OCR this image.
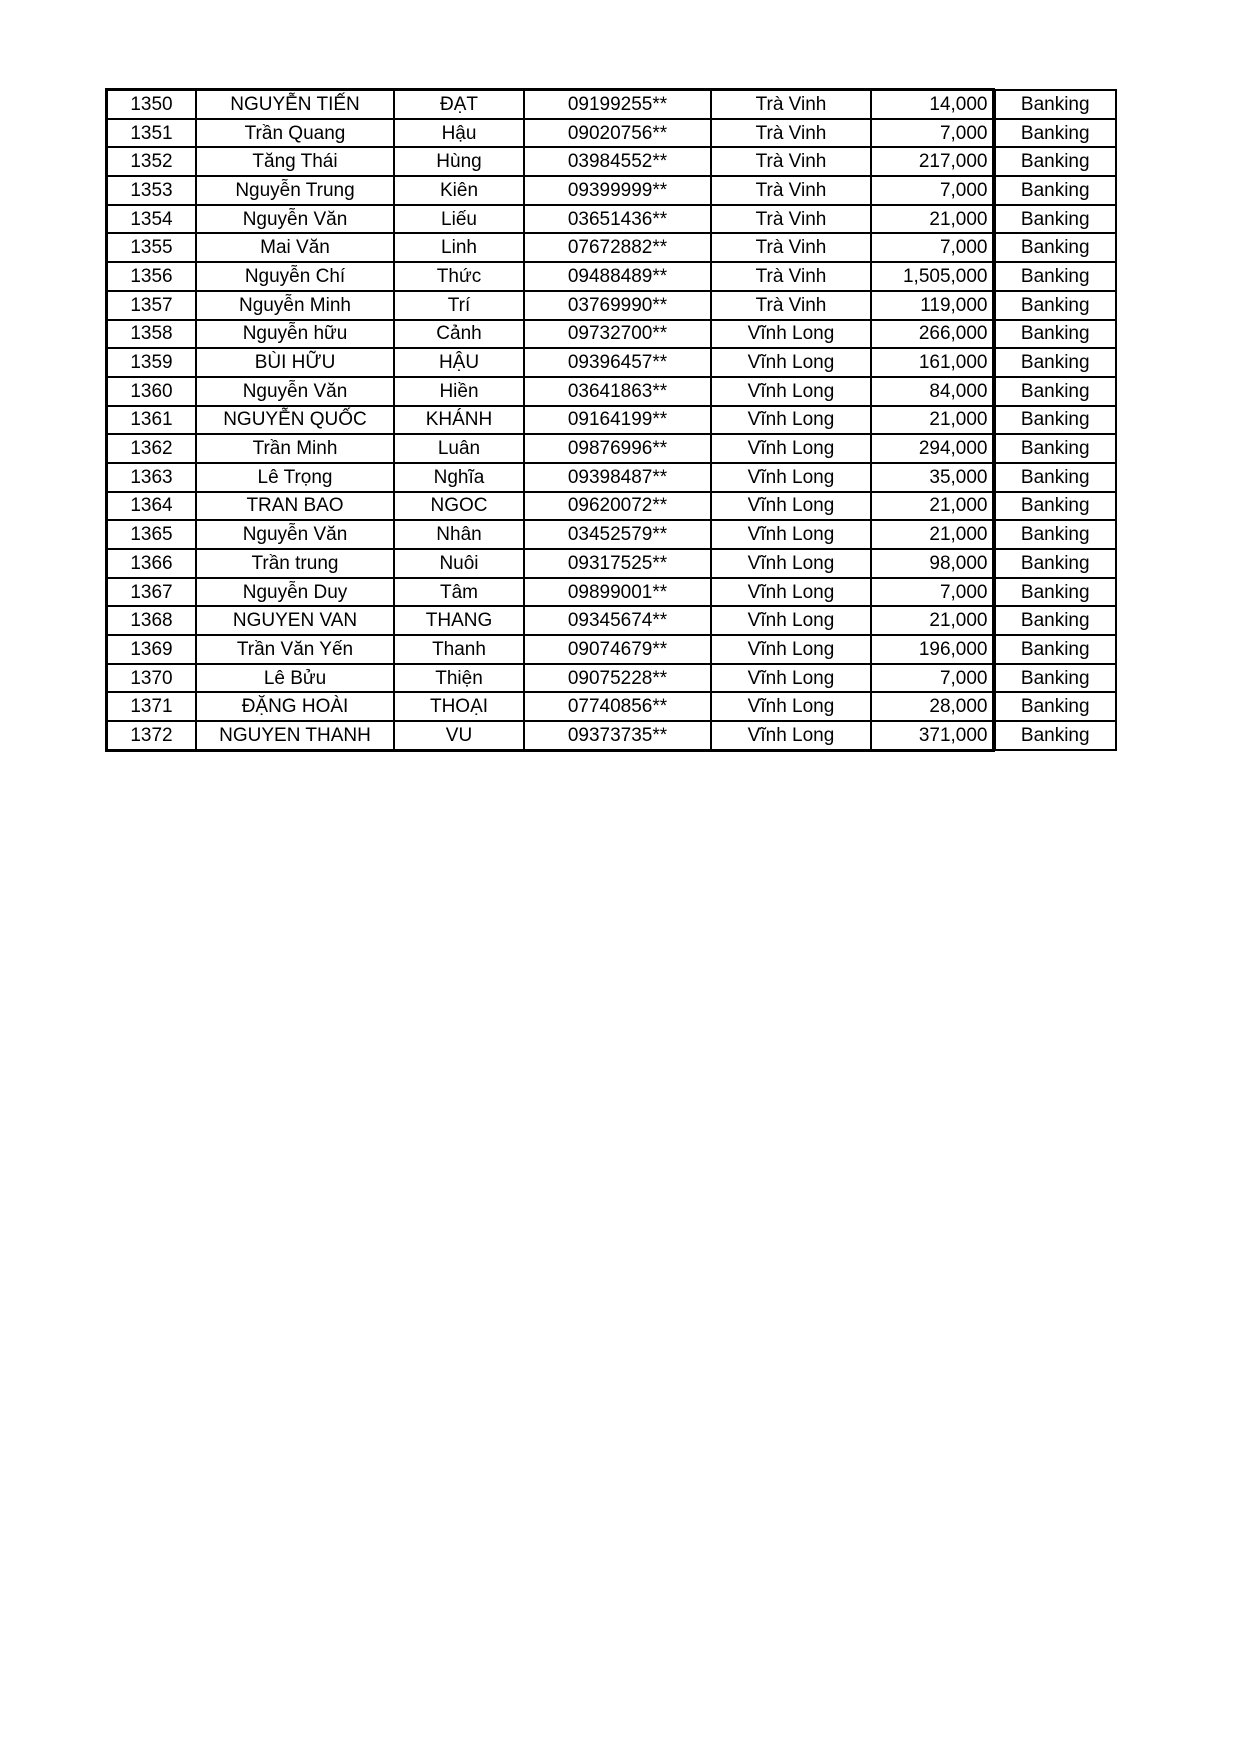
1350	NGUYỄN TIẾN	ĐẠT	09199255**	Trà Vinh	14,000	Banking
1351	Trần Quang	Hậu	09020756**	Trà Vinh	7,000	Banking
1352	Tăng Thái	Hùng	03984552**	Trà Vinh	217,000	Banking
1353	Nguyễn Trung	Kiên	09399999**	Trà Vinh	7,000	Banking
1354	Nguyễn Văn	Liếu	03651436**	Trà Vinh	21,000	Banking
1355	Mai Văn	Linh	07672882**	Trà Vinh	7,000	Banking
1356	Nguyễn Chí	Thức	09488489**	Trà Vinh	1,505,000	Banking
1357	Nguyễn Minh	Trí	03769990**	Trà Vinh	119,000	Banking
1358	Nguyễn hữu	Cảnh	09732700**	Vĩnh Long	266,000	Banking
1359	BÙI HỮU	HẬU	09396457**	Vĩnh Long	161,000	Banking
1360	Nguyễn Văn	Hiền	03641863**	Vĩnh Long	84,000	Banking
1361	NGUYỄN QUỐC	KHÁNH	09164199**	Vĩnh Long	21,000	Banking
1362	Trần Minh	Luân	09876996**	Vĩnh Long	294,000	Banking
1363	Lê Trọng	Nghĩa	09398487**	Vĩnh Long	35,000	Banking
1364	TRAN BAO	NGOC	09620072**	Vĩnh Long	21,000	Banking
1365	Nguyễn Văn	Nhân	03452579**	Vĩnh Long	21,000	Banking
1366	Trần trung	Nuôi	09317525**	Vĩnh Long	98,000	Banking
1367	Nguyễn Duy	Tâm	09899001**	Vĩnh Long	7,000	Banking
1368	NGUYEN VAN	THANG	09345674**	Vĩnh Long	21,000	Banking
1369	Trần Văn Yến	Thanh	09074679**	Vĩnh Long	196,000	Banking
1370	Lê Bửu	Thiện	09075228**	Vĩnh Long	7,000	Banking
1371	ĐẶNG HOÀI	THOẠI	07740856**	Vĩnh Long	28,000	Banking
1372	NGUYEN THANH	VU	09373735**	Vĩnh Long	371,000	Banking
